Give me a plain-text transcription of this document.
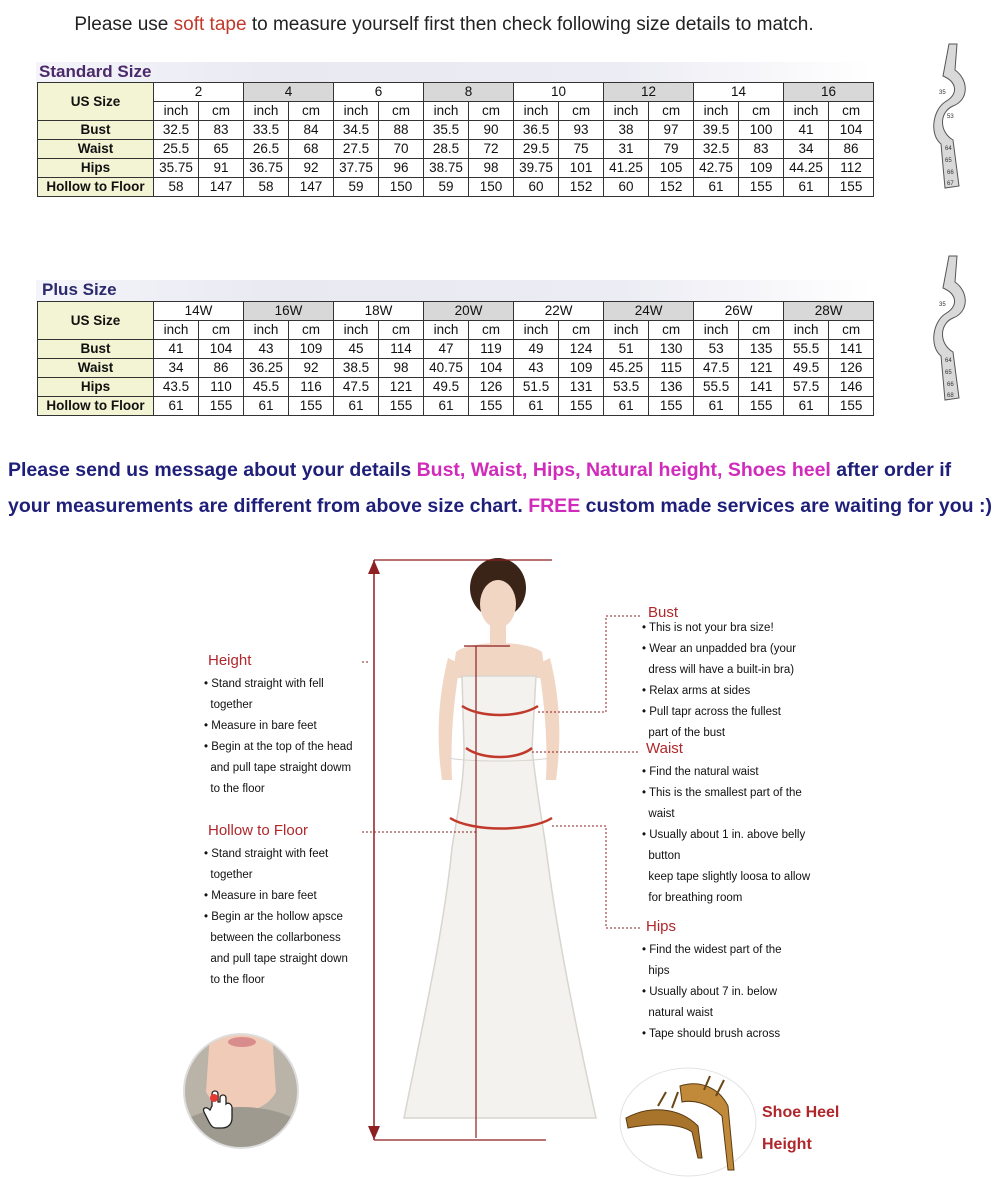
Please use soft tape to measure yourself first then check following size details to match.
Standard Size
US Size	2		4		6		8		10		12		14		16	
	inch	cm	inch	cm	inch	cm	inch	cm	inch	cm	inch	cm	inch	cm	inch	cm
Bust	32.5	83	33.5	84	34.5	88	35.5	90	36.5	93	38	97	39.5	100	41	104
Waist	25.5	65	26.5	68	27.5	70	28.5	72	29.5	75	31	79	32.5	83	34	86
Hips	35.75	91	36.75	92	37.75	96	38.75	98	39.75	101	41.25	105	42.75	109	44.25	112
Hollow to Floor	58	147	58	147	59	150	59	150	60	152	60	152	61	155	61	155
Plus Size
US Size	14W		16W		18W		20W		22W		24W		26W		28W	
	inch	cm	inch	cm	inch	cm	inch	cm	inch	cm	inch	cm	inch	cm	inch	cm
Bust	41	104	43	109	45	114	47	119	49	124	51	130	53	135	55.5	141
Waist	34	86	36.25	92	38.5	98	40.75	104	43	109	45.25	115	47.5	121	49.5	126
Hips	43.5	110	45.5	116	47.5	121	49.5	126	51.5	131	53.5	136	55.5	141	57.5	146
Hollow to Floor	61	155	61	155	61	155	61	155	61	155	61	155	61	155	61	155
35
53
64
65
66
67
35
64
65
66
68
Please send us message about your details Bust, Waist, Hips, Natural height, Shoes heel after order if your measurements are different from above size chart. FREE custom made services are waiting for you :)
Height
• Stand straight with fell
together
• Measure in bare feet
• Begin at the top of the head
and pull tape straight dowm
to the floor
Hollow to Floor
• Stand straight with feet
together
• Measure in bare feet
• Begin ar the hollow apsce
between the collarboness
and pull tape straight down
to the floor
Bust
• This is not your bra size!
• Wear an unpadded bra (your
dress will have a built-in bra)
• Relax arms at sides
• Pull tapr across the fullest
part of the bust
Waist
• Find the natural waist
• This is the smallest part of the
waist
• Usually about 1 in. above belly
button
keep tape slightly loosa to allow
for breathing room
Hips
• Find the widest part of the
hips
• Usually about 7 in. below
natural waist
• Tape should brush across
Shoe Heel
Height
